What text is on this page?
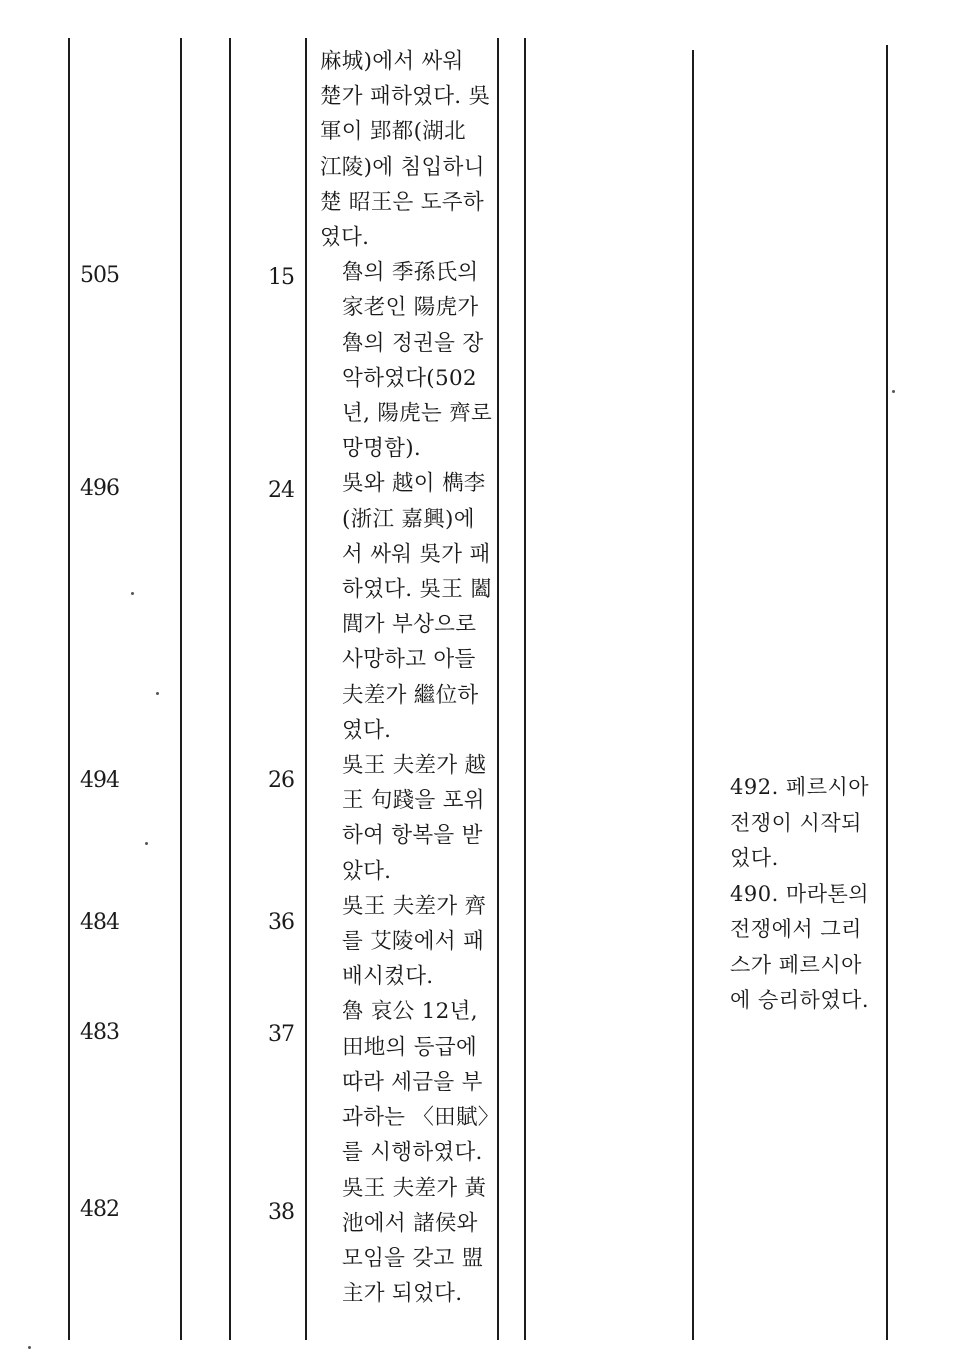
505
496
494
484
483
482
15
24
26
36
37
38

麻城)에서 싸워 楚가 패하였다. 吳軍이 郢都(湖北 江陵)에 침입하니 楚 昭王은 도주하였다.

魯의 季孫氏의 家老인 陽虎가 魯의 정권을 장악하였다(502년, 陽虎는 齊로 망명함).

吳와 越이 檇李(浙江 嘉興)에서 싸워 吳가 패하였다. 吳王 闔閭가 부상으로 사망하고 아들 夫差가 繼位하였다.

吳王 夫差가 越王 句踐을 포위하여 항복을 받았다.

吳王 夫差가 齊를 艾陵에서 패배시켰다.

魯 哀公 12년, 田地의 등급에 따라 세금을 부과하는 〈田賦〉를 시행하였다.

吳王 夫差가 黃池에서 諸侯와 모임을 갖고 盟主가 되었다.

492. 페르시아 전쟁이 시작되었다.

490. 마라톤의 전쟁에서 그리스가 페르시아에 승리하였다.
